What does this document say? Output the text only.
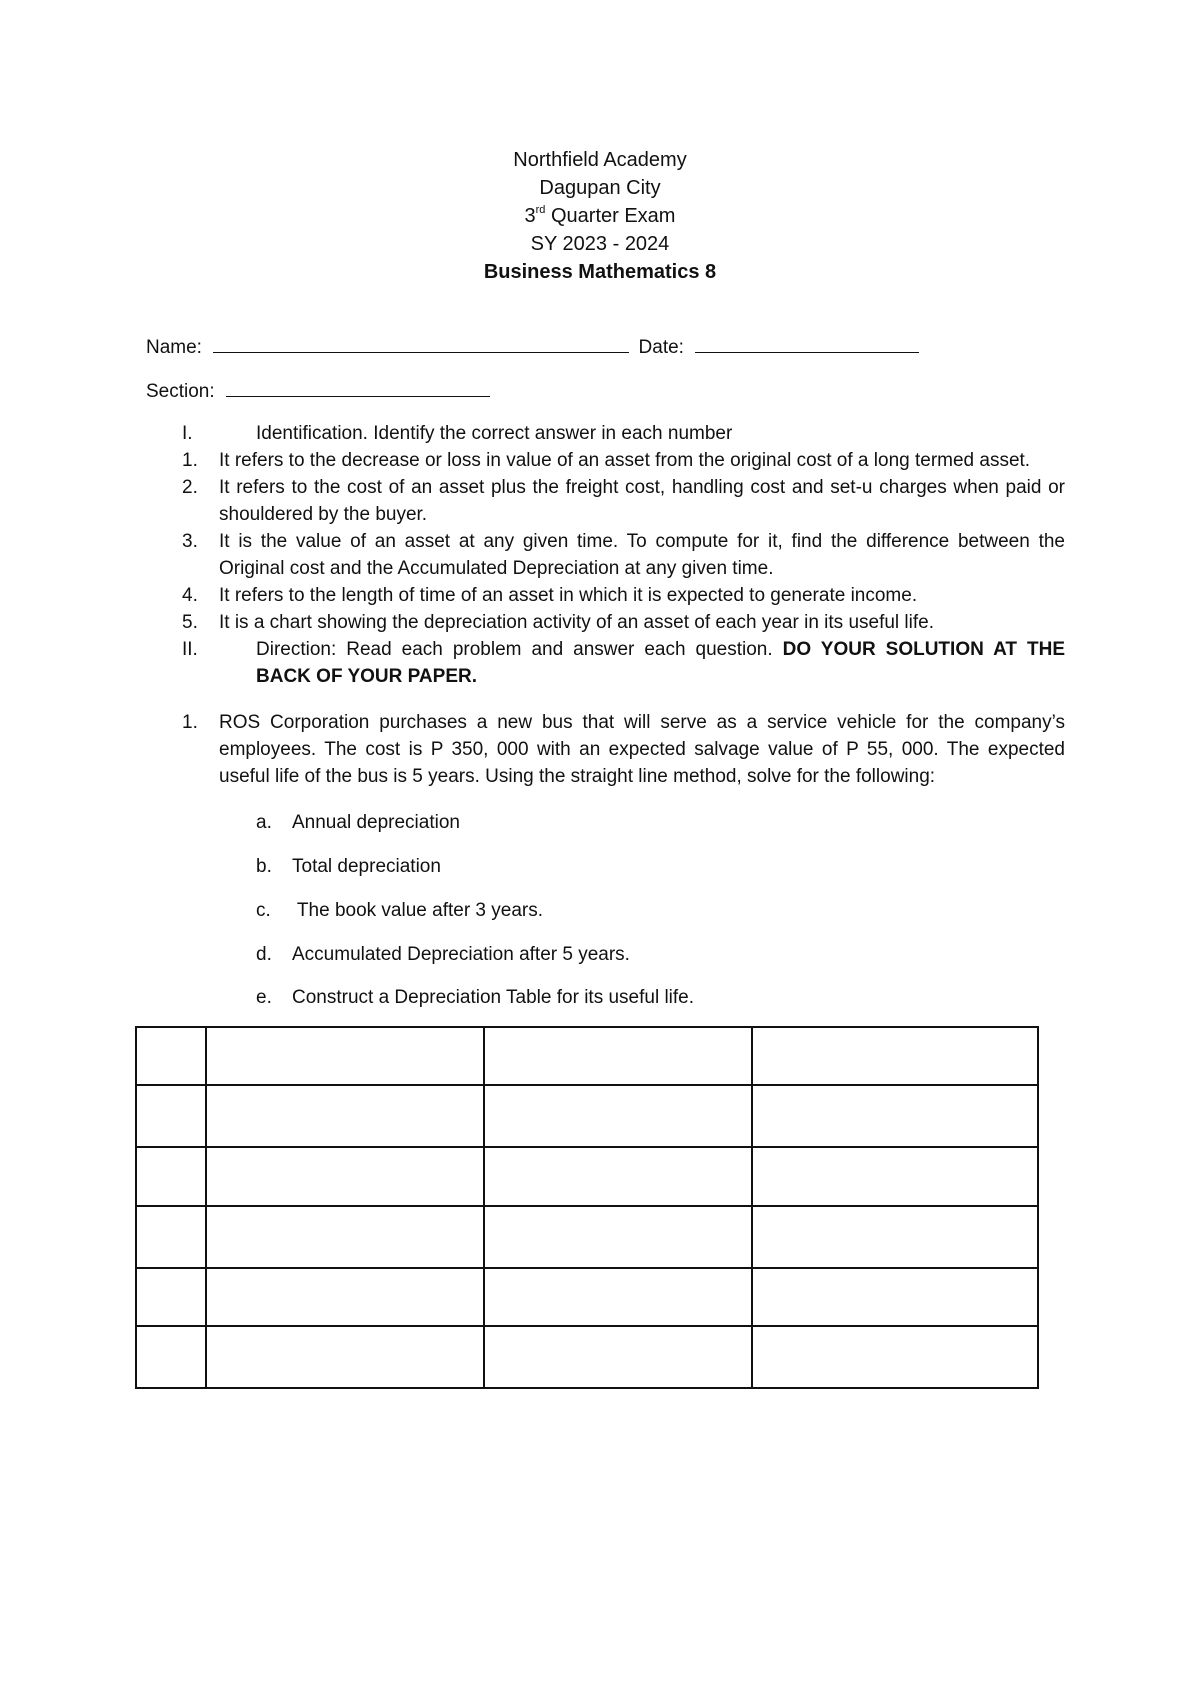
Northfield Academy
Dagupan City
3rd Quarter Exam
SY 2023 - 2024
Business Mathematics 8
Name:	Date:
Section:
I.	Identification. Identify the correct answer in each number
1. It refers to the decrease or loss in value of an asset from the original cost of a long termed asset.
2. It refers to the cost of an asset plus the freight cost, handling cost and set-u charges when paid or shouldered by the buyer.
3. It is the value of an asset at any given time. To compute for it, find the difference between the Original cost and the Accumulated Depreciation at any given time.
4. It refers to the length of time of an asset in which it is expected to generate income.
5. It is a chart showing the depreciation activity of an asset of each year in its useful life.
II.	Direction: Read each problem and answer each question. DO YOUR SOLUTION AT THE BACK OF YOUR PAPER.
1. ROS Corporation purchases a new bus that will serve as a service vehicle for the company’s employees. The cost is P 350, 000 with an expected salvage value of P 55, 000. The expected useful life of the bus is 5 years. Using the straight line method, solve for the following:
a. Annual depreciation
b. Total depreciation
c. The book value after 3 years.
d. Accumulated Depreciation after 5 years.
e. Construct a Depreciation Table for its useful life.
